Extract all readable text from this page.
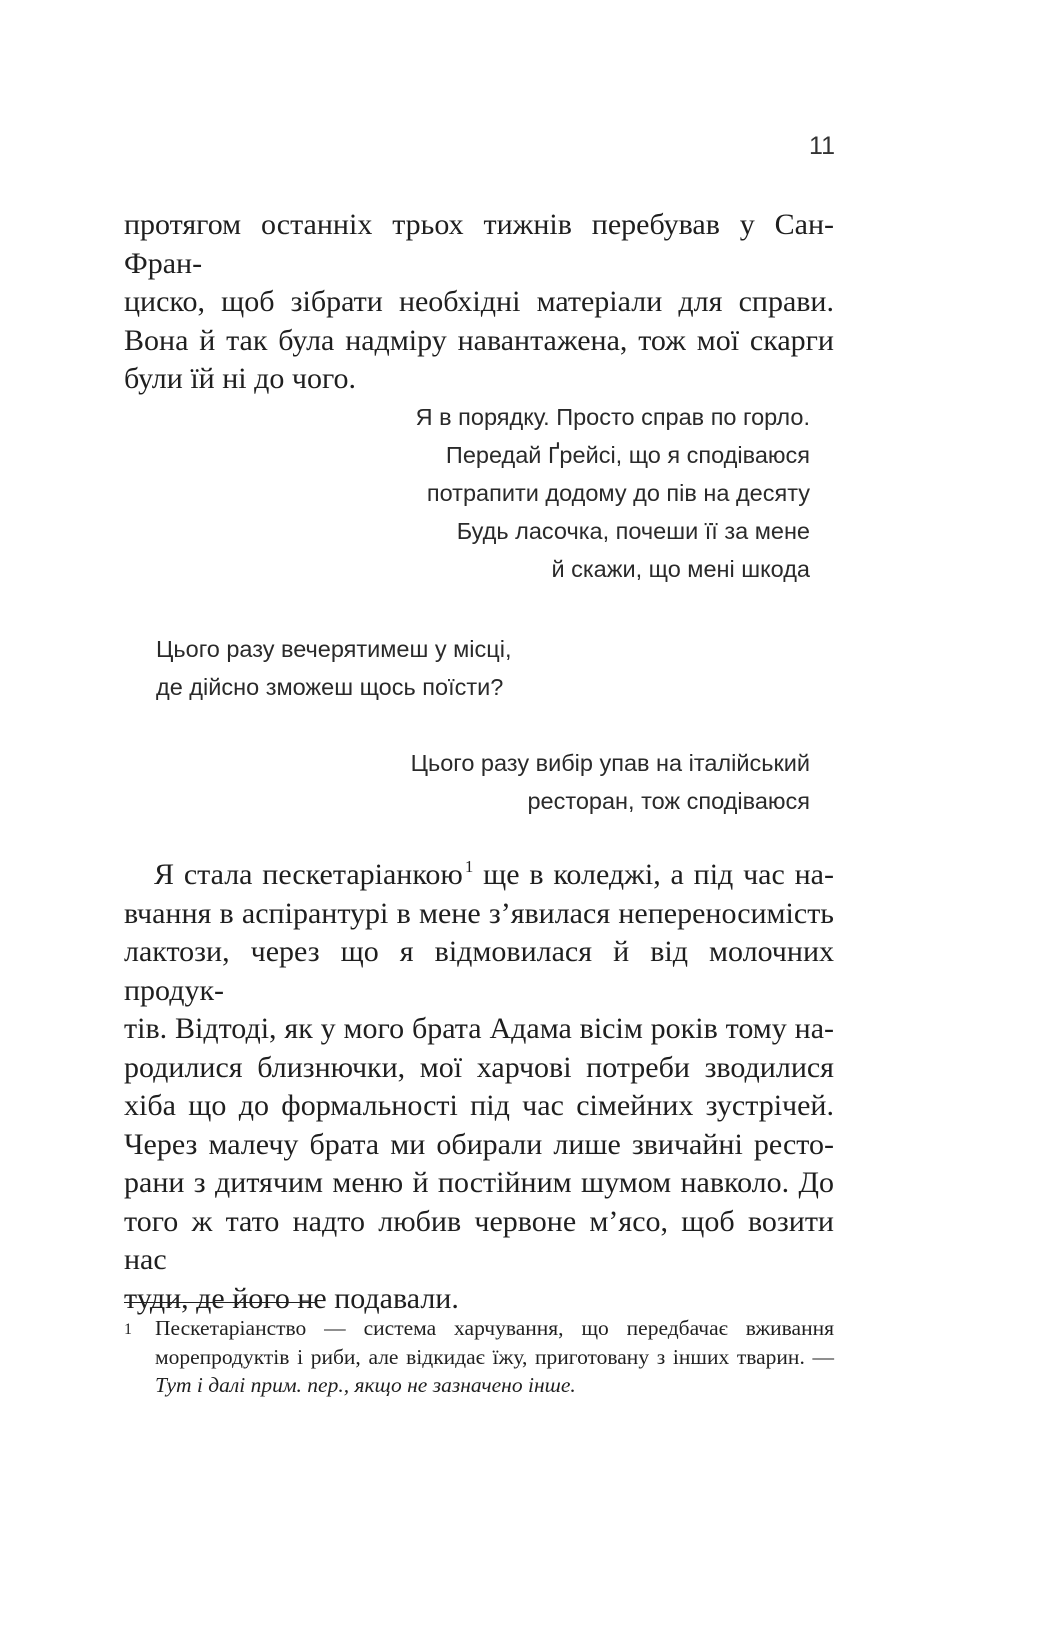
11
протягом останніх трьох тижнів перебував у Сан-Фран-
циско, щоб зібрати необхідні матеріали для справи.
Вона й так була надміру навантажена, тож мої скарги
були їй ні до чого.
Я в порядку. Просто справ по горло.
Передай Ґрейсі, що я сподіваюся
потрапити додому до пів на десяту
Будь ласочка, почеши її за мене
й скажи, що мені шкода
Цього разу вечерятимеш у місці,
де дійсно зможеш щось поїсти?
Цього разу вибір упав на італійський
ресторан, тож сподіваюся
Я стала пескетаріанкою $^1$ ще в коледжі, а під час на-
вчання в аспірантурі в мене з’явилася непереносимість
лактози, через що я відмовилася й від молочних продук-
тів. Відтоді, як у мого брата Адама вісім років тому на-
родилися близнючки, мої харчові потреби зводилися
хіба що до формальності під час сімейних зустрічей.
Через малечу брата ми обирали лише звичайні ресто-
рани з дитячим меню й постійним шумом навколо. До
того ж тато надто любив червоне м’ясо, щоб возити нас
туди, де його не подавали.
1 Пескетаріанство — система харчування, що передбачає вживання
морепродуктів і риби, але відкидає їжу, приготовану з інших тварин. —
Тут і далі прим. пер., якщо не зазначено інше.
